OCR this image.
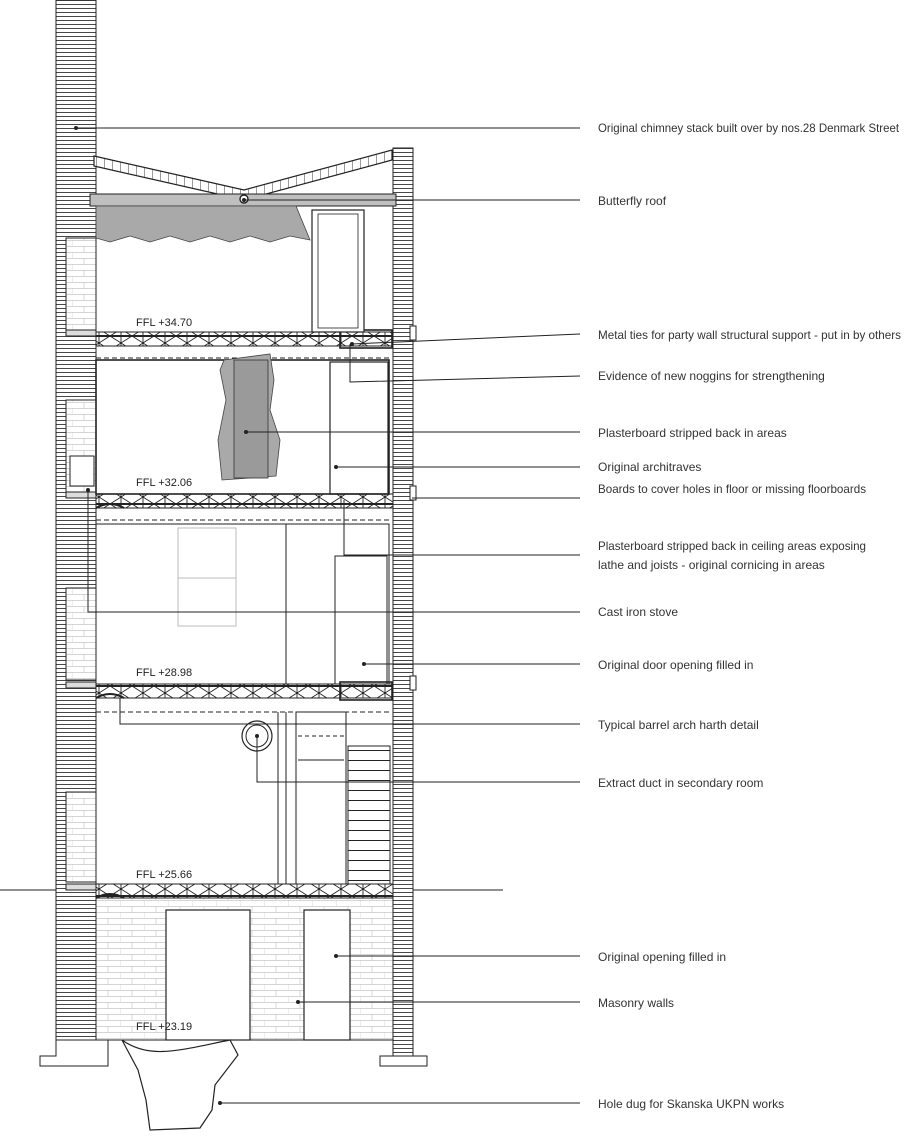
FFL +34.70
FFL +32.06
FFL +28.98
FFL +25.66
FFL +23.19
Original chimney stack built over by nos.28 Denmark Street
Butterfly roof
Metal ties for party wall structural support - put in by others
Evidence of new noggins for strengthening
Plasterboard stripped back in areas
Original architraves
Boards to cover holes in floor or missing floorboards
Plasterboard stripped back in ceiling areas exposing
lathe and joists - original cornicing in areas
Cast iron stove
Original door opening filled in
Typical barrel arch harth detail
Extract duct in secondary room
Original opening filled in
Masonry walls
Hole dug for Skanska UKPN works
